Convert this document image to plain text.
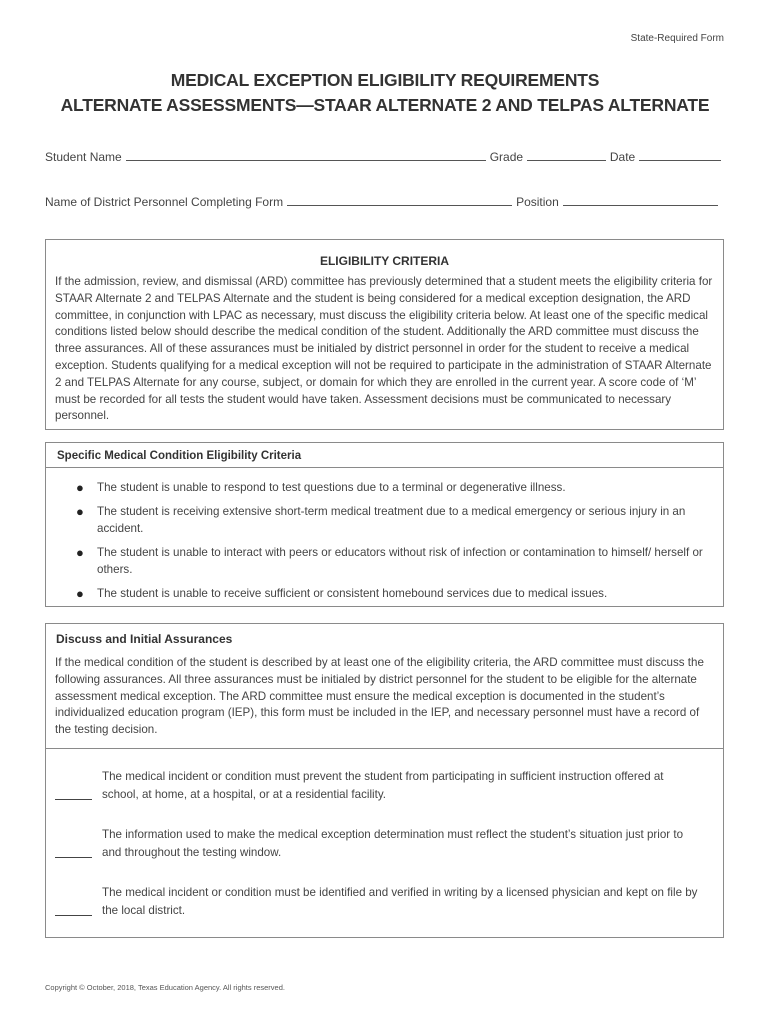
State-Required Form
MEDICAL EXCEPTION ELIGIBILITY REQUIREMENTS
ALTERNATE ASSESSMENTS—STAAR ALTERNATE 2 AND TELPAS ALTERNATE
Student Name	Grade	Date
Name of District Personnel Completing Form	Position
ELIGIBILITY CRITERIA
If the admission, review, and dismissal (ARD) committee has previously determined that a student meets the eligibility criteria for STAAR Alternate 2 and TELPAS Alternate and the student is being considered for a medical exception designation, the ARD committee, in conjunction with LPAC as necessary, must discuss the eligibility criteria below. At least one of the specific medical conditions listed below should describe the medical condition of the student. Additionally the ARD committee must discuss the three assurances. All of these assurances must be initialed by district personnel in order for the student to receive a medical exception. Students qualifying for a medical exception will not be required to participate in the administration of STAAR Alternate 2 and TELPAS Alternate for any course, subject, or domain for which they are enrolled in the current year. A score code of ‘M’ must be recorded for all tests the student would have taken. Assessment decisions must be communicated to necessary personnel.
Specific Medical Condition Eligibility Criteria
● The student is unable to respond to test questions due to a terminal or degenerative illness.
● The student is receiving extensive short-term medical treatment due to a medical emergency or serious injury in an accident.
● The student is unable to interact with peers or educators without risk of infection or contamination to himself/ herself or others.
● The student is unable to receive sufficient or consistent homebound services due to medical issues.
Discuss and Initial Assurances
If the medical condition of the student is described by at least one of the eligibility criteria, the ARD committee must discuss the following assurances. All three assurances must be initialed by district personnel for the student to be eligible for the alternate assessment medical exception. The ARD committee must ensure the medical exception is documented in the student’s individualized education program (IEP), this form must be included in the IEP, and necessary personnel must have a record of the testing decision.
The medical incident or condition must prevent the student from participating in sufficient instruction offered at school, at home, at a hospital, or at a residential facility.
The information used to make the medical exception determination must reflect the student’s situation just prior to and throughout the testing window.
The medical incident or condition must be identified and verified in writing by a licensed physician and kept on file by the local district.
Copyright © October, 2018, Texas Education Agency. All rights reserved.
